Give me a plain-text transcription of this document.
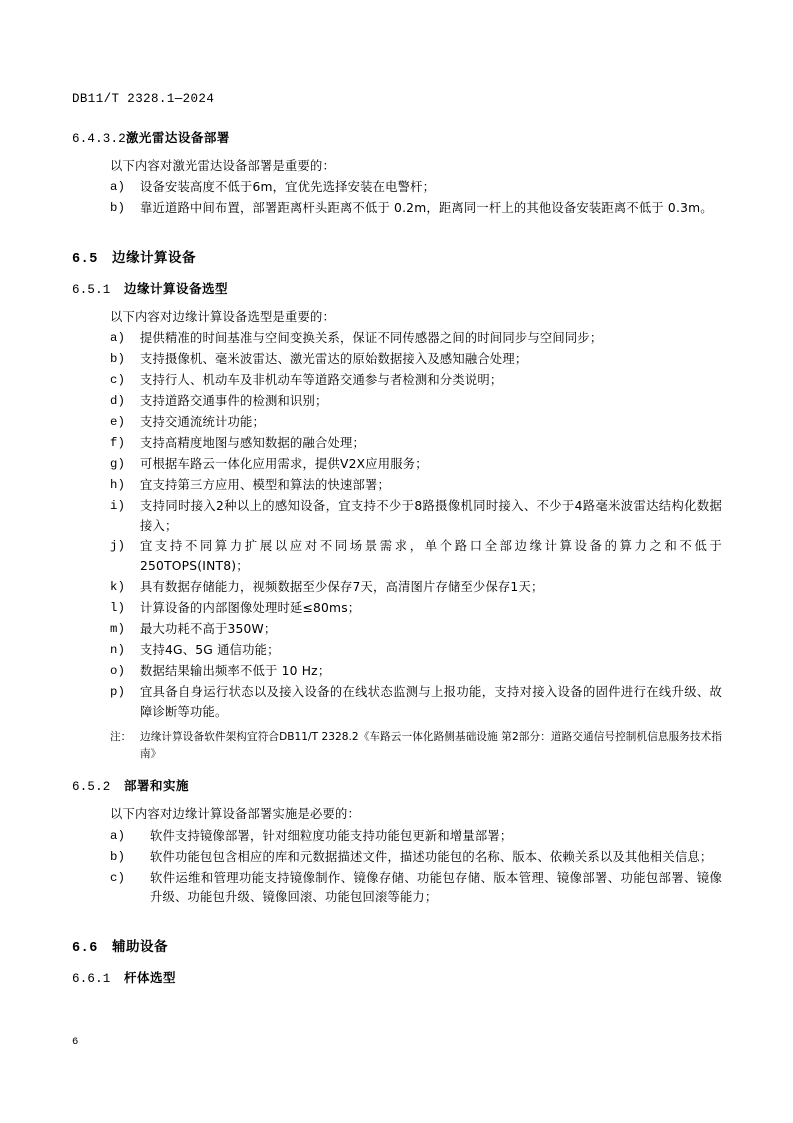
DB11/T 2328.1—2024
6.4.3.2激光雷达设备部署

以下内容对激光雷达设备部署是重要的：

a) 设备安装高度不低于6m，宜优先选择安装在电警杆；
b) 靠近道路中间布置，部署距离杆头距离不低于 0.2m，距离同一杆上的其他设备安装距离不低于 0.3m。
6.5 边缘计算设备
6.5.1 边缘计算设备选型

以下内容对边缘计算设备选型是重要的：

a) 提供精准的时间基准与空间变换关系，保证不同传感器之间的时间同步与空间同步；
b) 支持摄像机、毫米波雷达、激光雷达的原始数据接入及感知融合处理；
c) 支持行人、机动车及非机动车等道路交通参与者检测和分类说明；
d) 支持道路交通事件的检测和识别；
e) 支持交通流统计功能；
f) 支持高精度地图与感知数据的融合处理；
g) 可根据车路云一体化应用需求，提供V2X应用服务；
h) 宜支持第三方应用、模型和算法的快速部署；
i) 支持同时接入2种以上的感知设备，宜支持不少于8路摄像机同时接入、不少于4路毫米波雷达结构化数据接入；
j) 宜支持不同算力扩展以应对不同场景需求，单个路口全部边缘计算设备的算力之和不低于250TOPS(INT8)；
k) 具有数据存储能力，视频数据至少保存7天，高清图片存储至少保存1天；
l) 计算设备的内部图像处理时延≤80ms；
m) 最大功耗不高于350W；
n) 支持4G、5G 通信功能；
o) 数据结果输出频率不低于 10 Hz；
p) 宜具备自身运行状态以及接入设备的在线状态监测与上报功能，支持对接入设备的固件进行在线升级、故障诊断等功能。
注： 边缘计算设备软件架构宜符合DB11/T 2328.2《车路云一体化路侧基础设施 第2部分：道路交通信号控制机信息服务技术指南》
6.5.2 部署和实施

以下内容对边缘计算设备部署实施是必要的：

a) 软件支持镜像部署，针对细粒度功能支持功能包更新和增量部署；
b) 软件功能包包含相应的库和元数据描述文件，描述功能包的名称、版本、依赖关系以及其他相关信息；
c) 软件运维和管理功能支持镜像制作、镜像存储、功能包存储、版本管理、镜像部署、功能包部署、镜像升级、功能包升级、镜像回滚、功能包回滚等能力；
6.6 辅助设备
6.6.1 杆体选型
6
